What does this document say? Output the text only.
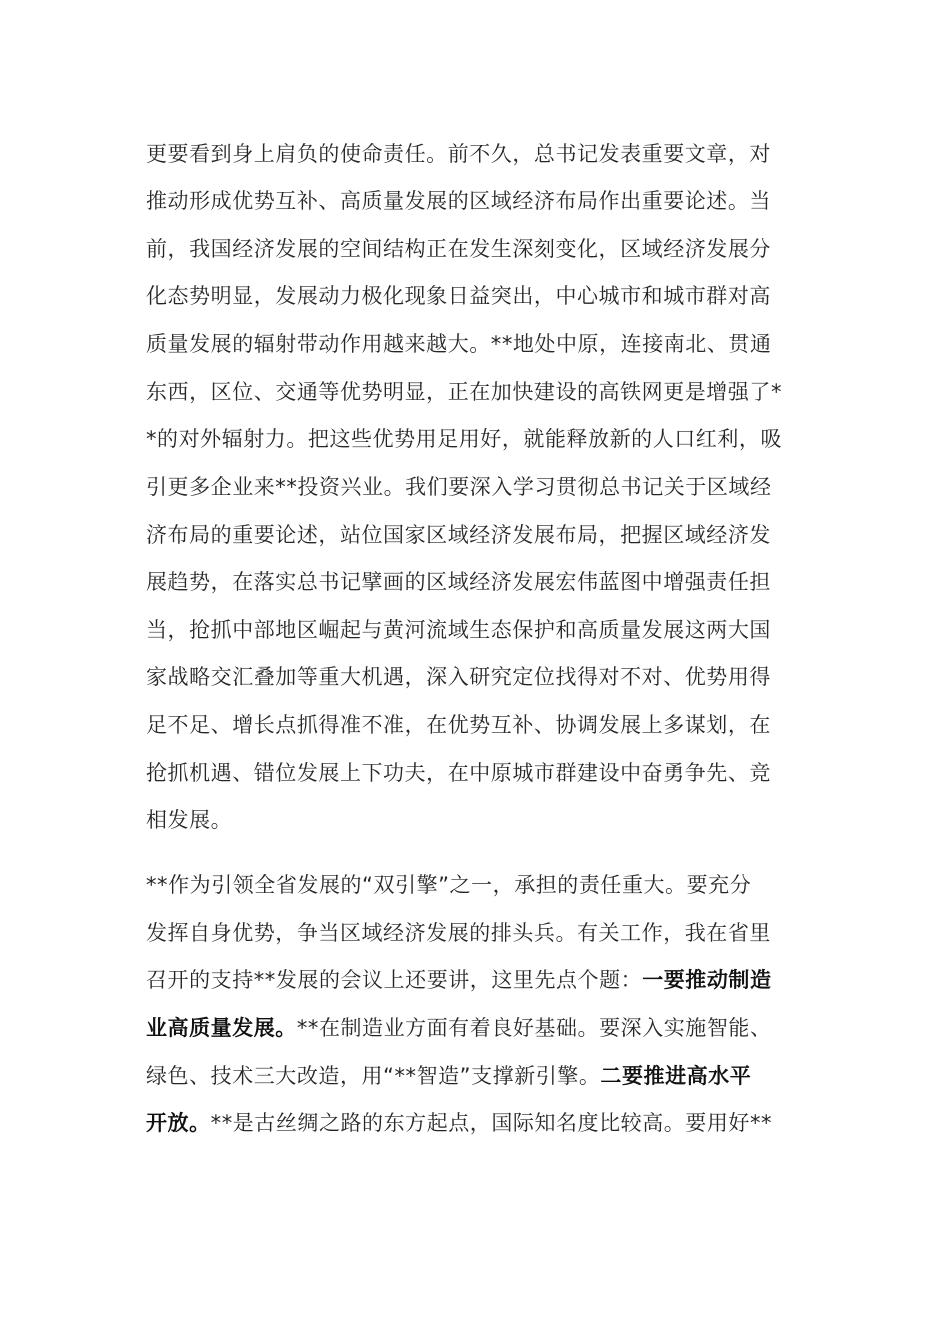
更要看到身上肩负的使命责任。前不久，总书记发表重要文章，对
推动形成优势互补、高质量发展的区域经济布局作出重要论述。当
前，我国经济发展的空间结构正在发生深刻变化，区域经济发展分
化态势明显，发展动力极化现象日益突出，中心城市和城市群对高
质量发展的辐射带动作用越来越大。**地处中原，连接南北、贯通
东西，区位、交通等优势明显，正在加快建设的高铁网更是增强了*
*的对外辐射力。把这些优势用足用好，就能释放新的人口红利，吸
引更多企业来**投资兴业。我们要深入学习贯彻总书记关于区域经
济布局的重要论述，站位国家区域经济发展布局，把握区域经济发
展趋势，在落实总书记擘画的区域经济发展宏伟蓝图中增强责任担
当，抢抓中部地区崛起与黄河流域生态保护和高质量发展这两大国
家战略交汇叠加等重大机遇，深入研究定位找得对不对、优势用得
足不足、增长点抓得准不准，在优势互补、协调发展上多谋划，在
抢抓机遇、错位发展上下功夫，在中原城市群建设中奋勇争先、竞
相发展。
**作为引领全省发展的“双引擎”之一，承担的责任重大。要充分
发挥自身优势，争当区域经济发展的排头兵。有关工作，我在省里
召开的支持**发展的会议上还要讲，这里先点个题：一要推动制造
业高质量发展。**在制造业方面有着良好基础。要深入实施智能、
绿色、技术三大改造，用“**智造”支撑新引擎。二要推进高水平
开放。**是古丝绸之路的东方起点，国际知名度比较高。要用好**
